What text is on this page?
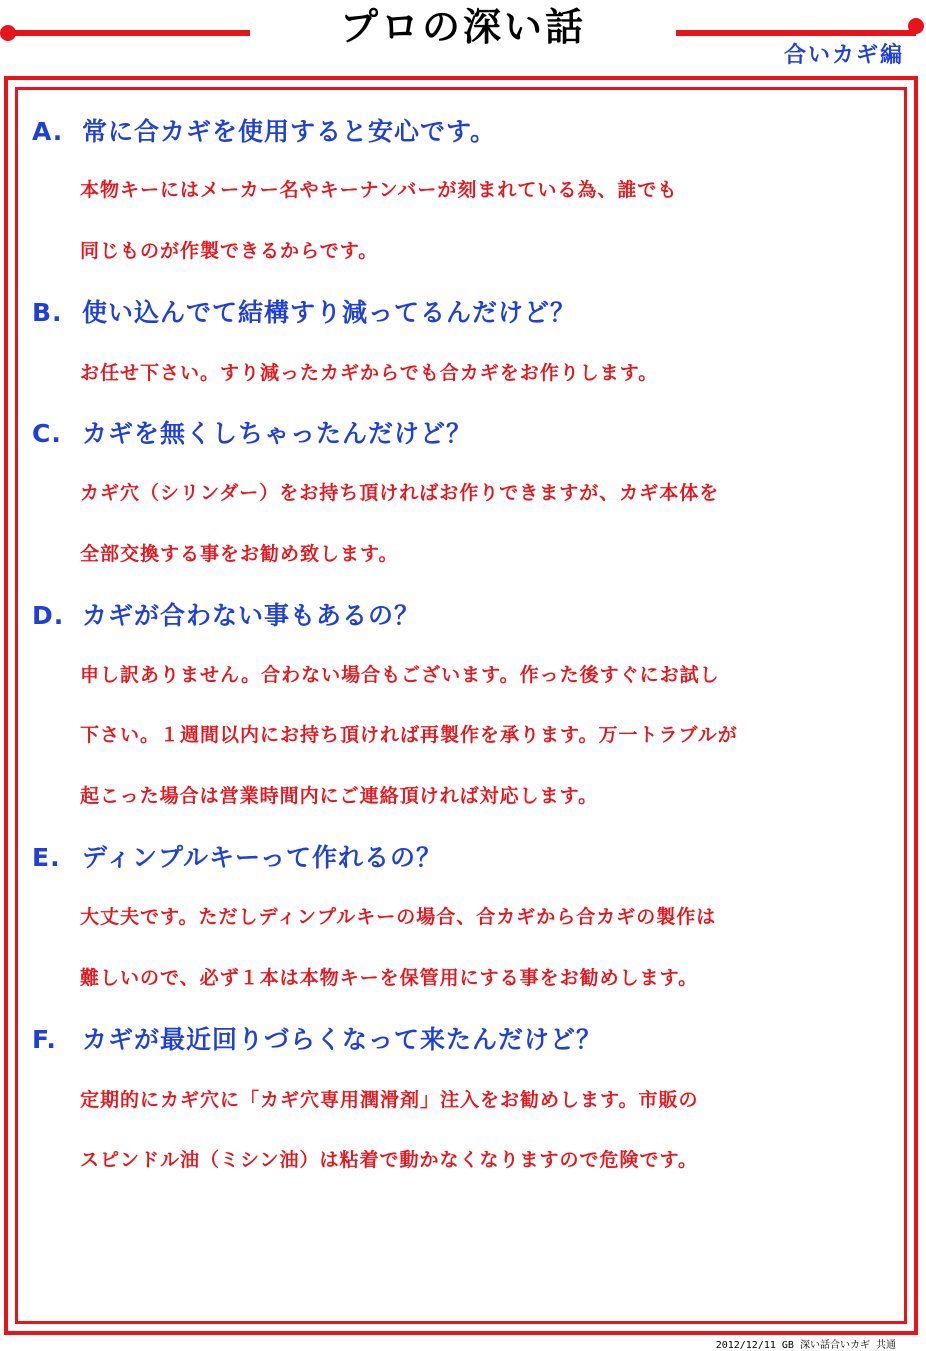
プロの深い話
合いカギ編
A. 常に合カギを使用すると安心です。
本物キーにはメーカー名やキーナンバーが刻まれている為、誰でも
同じものが作製できるからです。
B. 使い込んでて結構すり減ってるんだけど？
お任せ下さい。すり減ったカギからでも合カギをお作りします。
C. カギを無くしちゃったんだけど？
カギ穴（シリンダー）をお持ち頂ければお作りできますが、カギ本体を
全部交換する事をお勧め致します。
D. カギが合わない事もあるの？
申し訳ありません。合わない場合もございます。作った後すぐにお試し
下さい。１週間以内にお持ち頂ければ再製作を承ります。万一トラブルが
起こった場合は営業時間内にご連絡頂ければ対応します。
E. ディンプルキーって作れるの？
大丈夫です。ただしディンプルキーの場合、合カギから合カギの製作は
難しいので、必ず１本は本物キーを保管用にする事をお勧めします。
F. カギが最近回りづらくなって来たんだけど？
定期的にカギ穴に「カギ穴専用潤滑剤」注入をお勧めします。市販の
スピンドル油（ミシン油）は粘着で動かなくなりますので危険です。
2012/12/11 GB 深い話合いカギ 共通
